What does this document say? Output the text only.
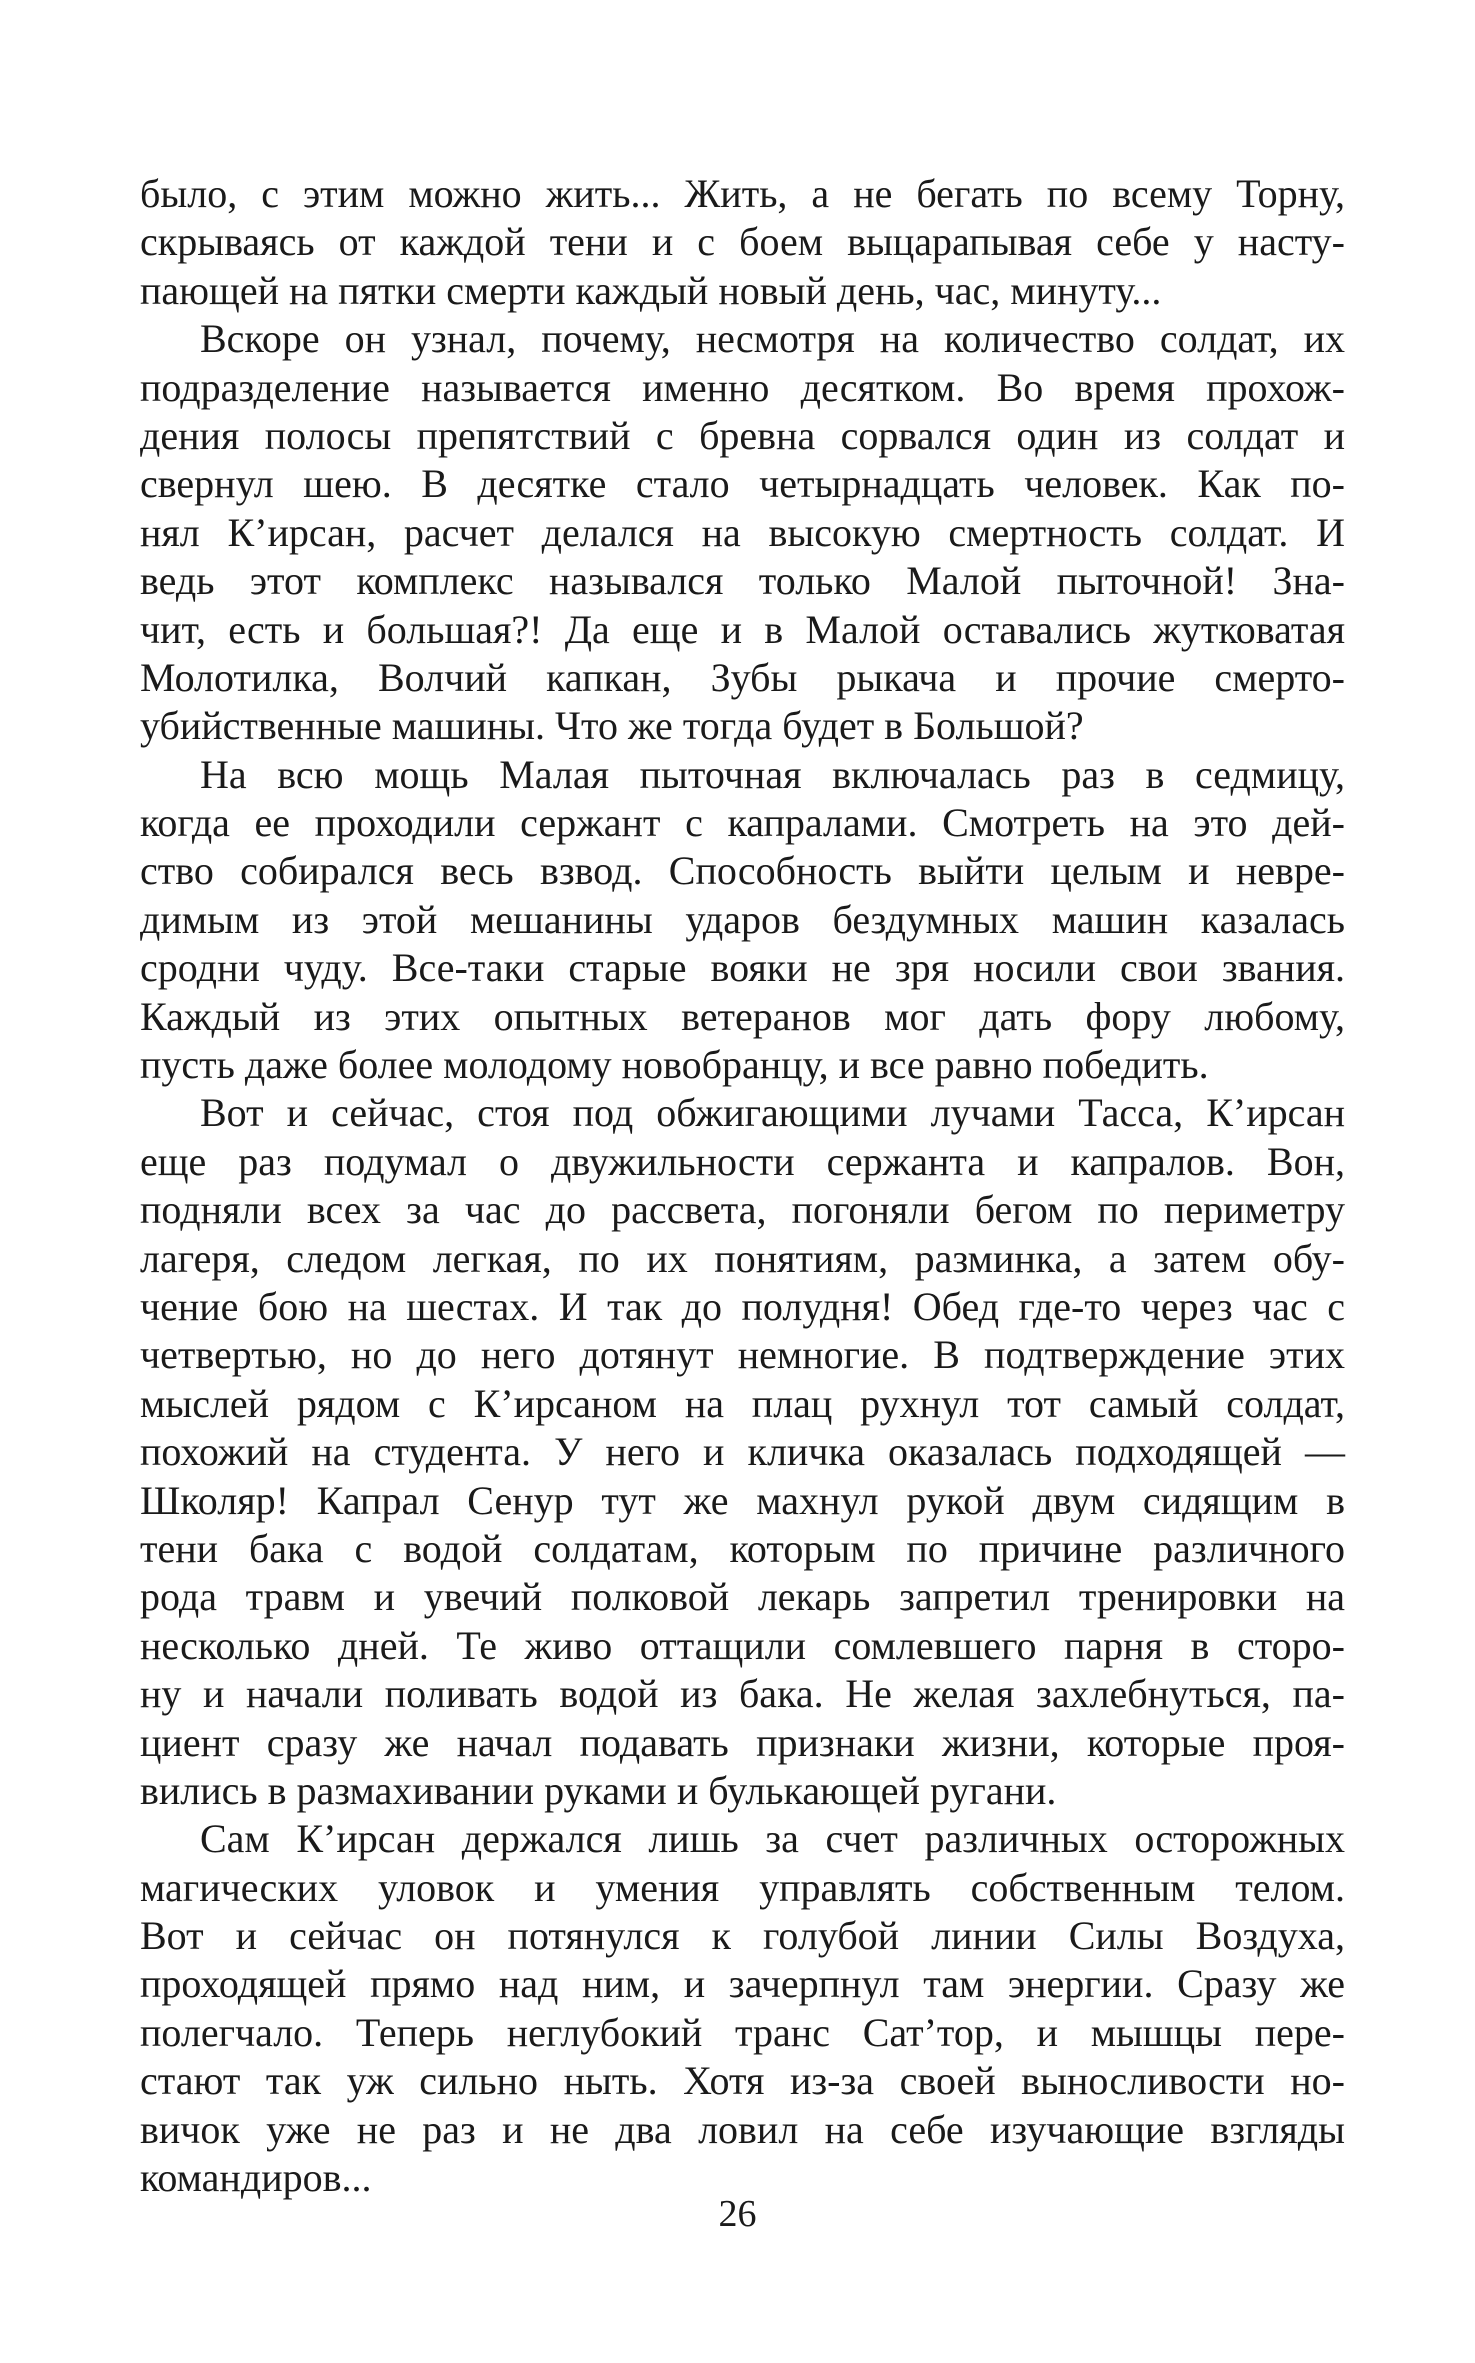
было, с этим можно жить... Жить, а не бегать по всему Торну,
скрываясь от каждой тени и с боем выцарапывая себе у насту-
пающей на пятки смерти каждый новый день, час, минуту...
Вскоре он узнал, почему, несмотря на количество солдат, их
подразделение называется именно десятком. Во время прохож-
дения полосы препятствий с бревна сорвался один из солдат и
свернул шею. В десятке стало четырнадцать человек. Как по-
нял К’ирсан, расчет делался на высокую смертность солдат. И
ведь этот комплекс назывался только Малой пыточной! Зна-
чит, есть и большая?! Да еще и в Малой оставались жутковатая
Молотилка, Волчий капкан, Зубы рыкача и прочие смерто-
убийственные машины. Что же тогда будет в Большой?
На всю мощь Малая пыточная включалась раз в седмицу,
когда ее проходили сержант с капралами. Смотреть на это дей-
ство собирался весь взвод. Способность выйти целым и невре-
димым из этой мешанины ударов бездумных машин казалась
сродни чуду. Все-таки старые вояки не зря носили свои звания.
Каждый из этих опытных ветеранов мог дать фору любому,
пусть даже более молодому новобранцу, и все равно победить.
Вот и сейчас, стоя под обжигающими лучами Тасса, К’ирсан
еще раз подумал о двужильности сержанта и капралов. Вон,
подняли всех за час до рассвета, погоняли бегом по периметру
лагеря, следом легкая, по их понятиям, разминка, а затем обу-
чение бою на шестах. И так до полудня! Обед где-то через час с
четвертью, но до него дотянут немногие. В подтверждение этих
мыслей рядом с К’ирсаном на плац рухнул тот самый солдат,
похожий на студента. У него и кличка оказалась подходящей —
Школяр! Капрал Сенур тут же махнул рукой двум сидящим в
тени бака с водой солдатам, которым по причине различного
рода травм и увечий полковой лекарь запретил тренировки на
несколько дней. Те живо оттащили сомлевшего парня в сторо-
ну и начали поливать водой из бака. Не желая захлебнуться, па-
циент сразу же начал подавать признаки жизни, которые проя-
вились в размахивании руками и булькающей ругани.
Сам К’ирсан держался лишь за счет различных осторожных
магических уловок и умения управлять собственным телом.
Вот и сейчас он потянулся к голубой линии Силы Воздуха,
проходящей прямо над ним, и зачерпнул там энергии. Сразу же
полегчало. Теперь неглубокий транс Сат’тор, и мышцы пере-
стают так уж сильно ныть. Хотя из-за своей выносливости но-
вичок уже не раз и не два ловил на себе изучающие взгляды
командиров...
26
